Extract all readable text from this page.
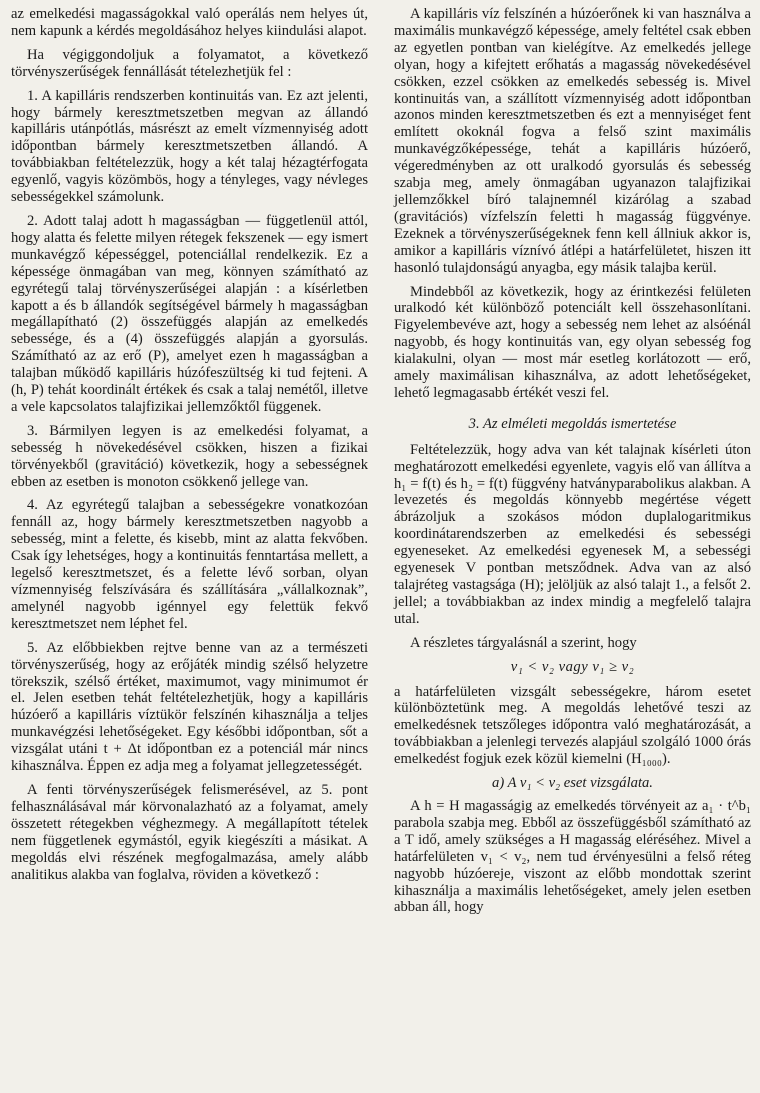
az emelkedési magasságokkal való operálás nem helyes út, nem kapunk a kérdés megoldásához helyes kiindulási alapot.

Ha végiggondoljuk a folyamatot, a következő törvényszerűségek fennállását tételezhetjük fel :

1. A kapilláris rendszerben kontinuitás van. Ez azt jelenti, hogy bármely keresztmetszetben megvan az állandó kapilláris utánpótlás, másrészt az emelt vízmennyiség adott időpontban bármely keresztmetszetben állandó. A továbbiakban feltételezzük, hogy a két talaj hézagtérfogata egyenlő, vagyis közömbös, hogy a tényleges, vagy névleges sebességekkel számolunk.

2. Adott talaj adott h magasságban — függetlenül attól, hogy alatta és felette milyen rétegek fekszenek — egy ismert munkavégző képességgel, potenciállal rendelkezik. Ez a képessége önmagában van meg, könnyen számítható az egyrétegű talaj törvényszerűségei alapján : a kísérletben kapott a és b állandók segítségével bármely h magasságban megállapítható (2) összefüggés alapján az emelkedés sebessége, és a (4) összefüggés alapján a gyorsulás. Számítható az az erő (P), amelyet ezen h magasságban a talajban működő kapilláris húzófeszültség ki tud fejteni. A (h, P) tehát koordinált értékek és csak a talaj nemétől, illetve a vele kapcsolatos talajfizikai jellemzőktől függenek.

3. Bármilyen legyen is az emelkedési folyamat, a sebesség h növekedésével csökken, hiszen a fizikai törvényekből (gravitáció) következik, hogy a sebességnek ebben az esetben is monoton csökkenő jellege van.

4. Az egyrétegű talajban a sebességekre vonatkozóan fennáll az, hogy bármely keresztmetszetben nagyobb a sebesség, mint a felette, és kisebb, mint az alatta fekvőben. Csak így lehetséges, hogy a kontinuitás fenntartása mellett, a legelső keresztmetszet, és a felette lévő sorban, olyan vízmennyiség felszívására és szállítására „vállalkoznak”, amelynél nagyobb igénnyel egy felettük fekvő keresztmetszet nem léphet fel.

5. Az előbbiekben rejtve benne van az a természeti törvényszerűség, hogy az erőjáték mindig szélső helyzetre törekszik, szélső értéket, maximumot, vagy minimumot ér el. Jelen esetben tehát feltételezhetjük, hogy a kapilláris húzóerő a kapilláris víztükör felszínén kihasználja a teljes munkavégzési lehetőségeket. Egy későbbi időpontban, sőt a vizsgálat utáni t + Δt időpontban ez a potenciál már nincs kihasználva. Éppen ez adja meg a folyamat jellegzetességét.

A fenti törvényszerűségek felismerésével, az 5. pont felhasználásával már körvonalazható az a folyamat, amely összetett rétegekben véghezmegy. A megállapított tételek nem függetlenek egymástól, egyik kiegészíti a másikat. A megoldás elvi részének megfogalmazása, amely alább analitikus alakba van foglalva, röviden a következő :

A kapilláris víz felszínén a húzóerőnek ki van használva a maximális munkavégző képessége, amely feltétel csak ebben az egyetlen pontban van kielégítve. Az emelkedés jellege olyan, hogy a kifejtett erőhatás a magasság növekedésével csökken, ezzel csökken az emelkedés sebesség is. Mivel kontinuitás van, a szállított vízmennyiség adott időpontban azonos minden keresztmetszetben és ezt a mennyiséget fent említett okoknál fogva a felső szint maximális munkavégzőképessége, tehát a kapilláris húzóerő, végeredményben az ott uralkodó gyorsulás és sebesség szabja meg, amely önmagában ugyanazon talajfizikai jellemzőkkel bíró talajnemnél kizárólag a szabad (gravitációs) vízfelszín feletti h magasság függvénye. Ezeknek a törvényszerűségeknek fenn kell állniuk akkor is, amikor a kapilláris víznívó átlépi a határfelületet, hiszen itt hasonló tulajdonságú anyagba, egy másik talajba kerül.

Mindebből az következik, hogy az érintkezési felületen uralkodó két különböző potenciált kell összehasonlítani. Figyelembevéve azt, hogy a sebesség nem lehet az alsóénál nagyobb, és hogy kontinuitás van, egy olyan sebesség fog kialakulni, olyan — most már esetleg korlátozott — erő, amely maximálisan kihasználva, az adott lehetőségeket, lehető legmagasabb értékét veszi fel.

3. Az elméleti megoldás ismertetése

Feltételezzük, hogy adva van két talajnak kísérleti úton meghatározott emelkedési egyenlete, vagyis elő van állítva a h₁ = f(t) és h₂ = f(t) függvény hatványparabolikus alakban. A levezetés és megoldás könnyebb megértése végett ábrázoljuk a szokásos módon duplalogaritmikus koordinátarendszerben az emelkedési és sebességi egyeneseket. Az emelkedési egyenesek M, a sebességi egyenesek V pontban metsződnek. Adva van az alsó talajréteg vastagsága (H); jelöljük az alsó talajt 1., a felsőt 2. jellel; a továbbiakban az index mindig a megfelelő talajra utal.

A részletes tárgyalásnál a szerint, hogy

v₁ < v₂ vagy v₁ ≥ v₂

a határfelületen vizsgált sebességekre, három esetet különböztetünk meg. A megoldás lehetővé teszi az emelkedésnek tetszőleges időpontra való meghatározását, a továbbiakban a jelenlegi tervezés alapjául szolgáló 1000 órás emelkedést fogjuk ezek közül kiemelni (H₁₀₀₀).

a) A v₁ < v₂ eset vizsgálata.

A h = H magasságig az emelkedés törvényeit az a₁ · t^b₁ parabola szabja meg. Ebből az összefüggésből számítható az a T idő, amely szükséges a H magasság eléréséhez. Mivel a határfelületen v₁ < v₂, nem tud érvényesülni a felső réteg nagyobb húzóereje, viszont az előbb mondottak szerint kihasználja a maximális lehetőségeket, amely jelen esetben abban áll, hogy
